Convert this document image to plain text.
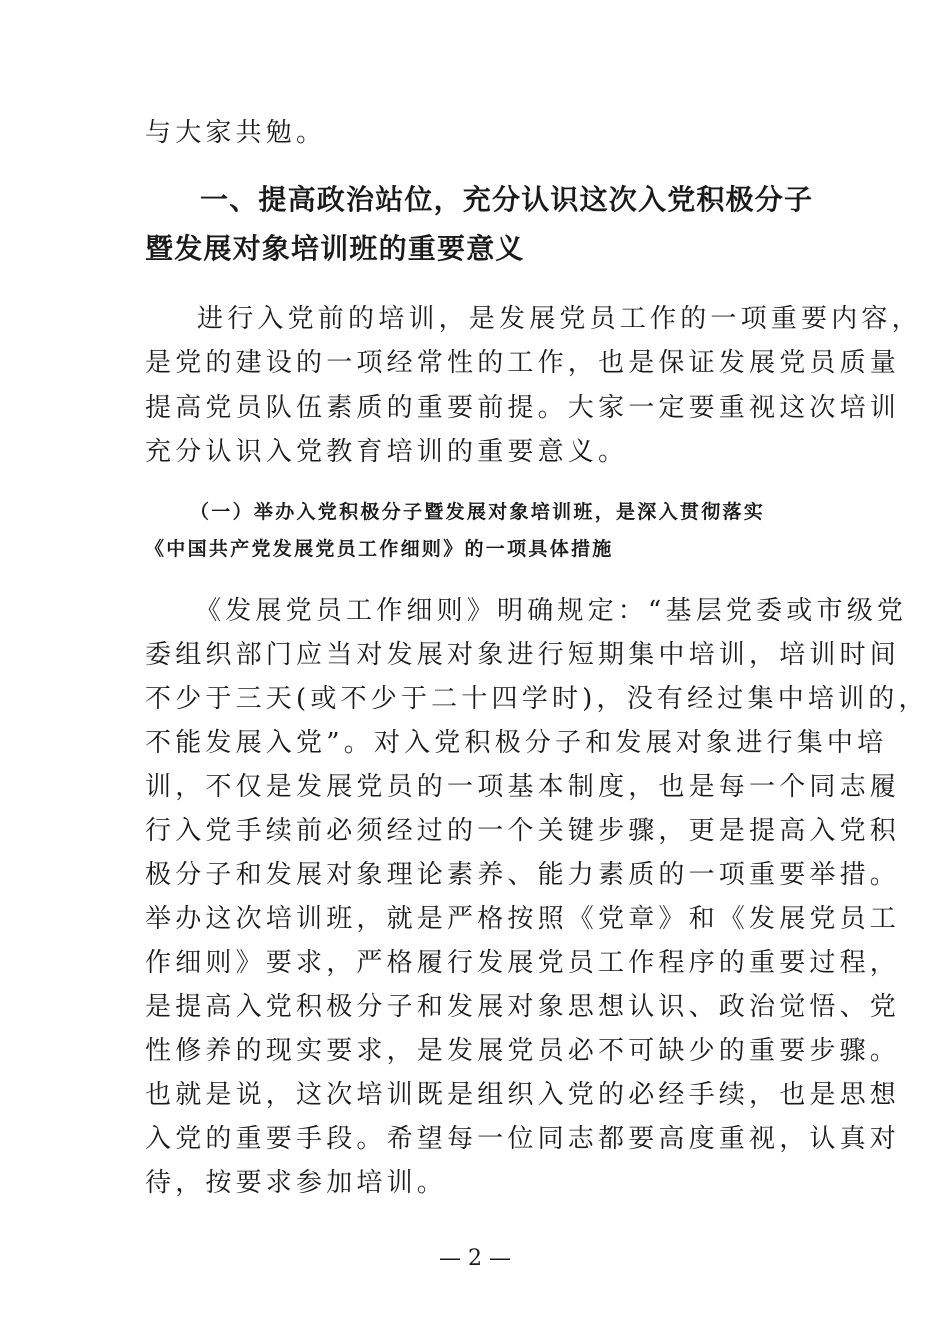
与大家共勉。
一、提高政治站位，充分认识这次入党积极分子
暨发展对象培训班的重要意义
进行入党前的培训，是发展党员工作的一项重要内容，
是党的建设的一项经常性的工作，也是保证发展党员质量
提高党员队伍素质的重要前提。大家一定要重视这次培训
充分认识入党教育培训的重要意义。
（一）举办入党积极分子暨发展对象培训班，是深入贯彻落实
《中国共产党发展党员工作细则》的一项具体措施
《发展党员工作细则》明确规定：“基层党委或市级党
委组织部门应当对发展对象进行短期集中培训，培训时间
不少于三天(或不少于二十四学时)，没有经过集中培训的，
不能发展入党”。对入党积极分子和发展对象进行集中培
训，不仅是发展党员的一项基本制度，也是每一个同志履
行入党手续前必须经过的一个关键步骤，更是提高入党积
极分子和发展对象理论素养、能力素质的一项重要举措。
举办这次培训班，就是严格按照《党章》和《发展党员工
作细则》要求，严格履行发展党员工作程序的重要过程，
是提高入党积极分子和发展对象思想认识、政治觉悟、党
性修养的现实要求，是发展党员必不可缺少的重要步骤。
也就是说，这次培训既是组织入党的必经手续，也是思想
入党的重要手段。希望每一位同志都要高度重视，认真对
待，按要求参加培训。
— 2 —
